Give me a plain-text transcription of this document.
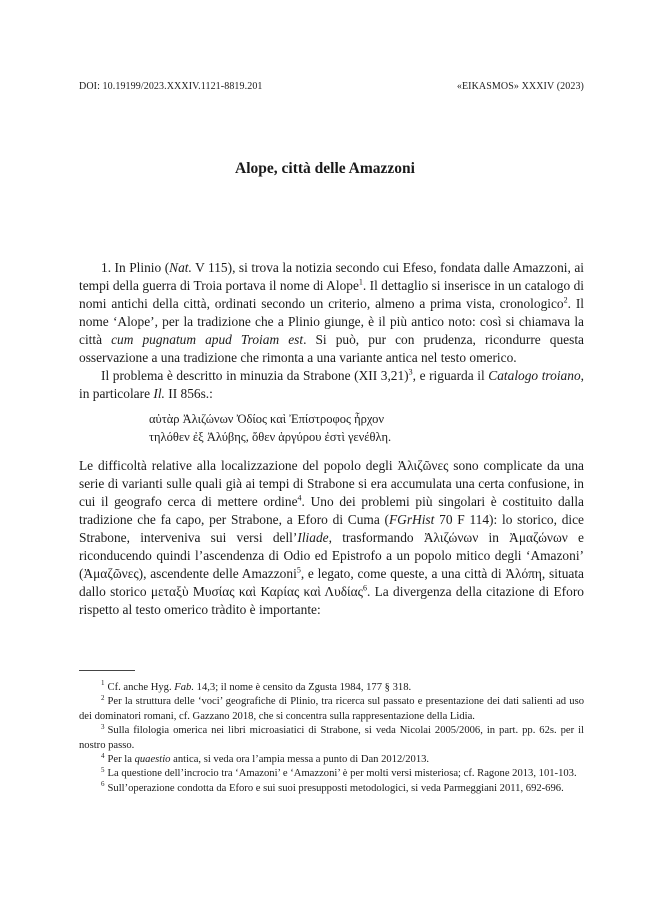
DOI: 10.19199/2023.XXXIV.1121-8819.201	«EIKASMOS» XXXIV (2023)
Alope, città delle Amazzoni

1. In Plinio (Nat. V 115), si trova la notizia secondo cui Efeso, fondata dalle Amazzoni, ai tempi della guerra di Troia portava il nome di Alope$^1$. Il dettaglio si inserisce in un catalogo di nomi antichi della città, ordinati secondo un criterio, almeno a prima vista, cronologico$^2$. Il nome ‘Alope’, per la tradizione che a Plinio giunge, è il più antico noto: così si chiamava la città cum pugnatum apud Troiam est. Si può, pur con prudenza, ricondurre questa osservazione a una tradizione che rimonta a una variante antica nel testo omerico.

Il problema è descritto in minuzia da Strabone (XII 3,21)$^3$, e riguarda il Catalogo troiano, in particolare Il. II 856s.:

αὐτὰρ Ἀλιζώνων Ὀδίος καὶ Ἐπίστροφος ἦρχον
τηλόθεν ἐξ Ἀλύβης, ὅθεν ἀργύρου ἐστὶ γενέθλη.

Le difficoltà relative alla localizzazione del popolo degli Ἀλιζῶνες sono complicate da una serie di varianti sulle quali già ai tempi di Strabone si era accumulata una certa confusione, in cui il geografo cerca di mettere ordine$^4$. Uno dei problemi più singolari è costituito dalla tradizione che fa capo, per Strabone, a Eforo di Cuma (FGrHist 70 F 114): lo storico, dice Strabone, interveniva sui versi dell’Iliade, trasformando Ἀλιζώνων in Ἀμαζώνων e riconducendo quindi l’ascendenza di Odio ed Epistrofo a un popolo mitico degli ‘Amazoni’ (Ἀμαζῶνες), ascendente delle Amazzoni$^5$, e legato, come queste, a una città di Ἀλόπη, situata dallo storico μεταξὺ Μυσίας καὶ Καρίας καὶ Λυδίας$^6$. La divergenza della citazione di Eforo rispetto al testo omerico tràdito è importante:

$^1$ Cf. anche Hyg. Fab. 14,3; il nome è censito da Zgusta 1984, 177 § 318.

$^2$ Per la struttura delle ‘voci’ geografiche di Plinio, tra ricerca sul passato e presentazione dei dati salienti ad uso dei dominatori romani, cf. Gazzano 2018, che si concentra sulla rappresentazione della Lidia.

$^3$ Sulla filologia omerica nei libri microasiatici di Strabone, si veda Nicolai 2005/2006, in part. pp. 62s. per il nostro passo.

$^4$ Per la quaestio antica, si veda ora l’ampia messa a punto di Dan 2012/2013.

$^5$ La questione dell’incrocio tra ‘Amazoni’ e ‘Amazzoni’ è per molti versi misteriosa; cf. Ragone 2013, 101-103.

$^6$ Sull’operazione condotta da Eforo e sui suoi presupposti metodologici, si veda Parmeggiani 2011, 692-696.
